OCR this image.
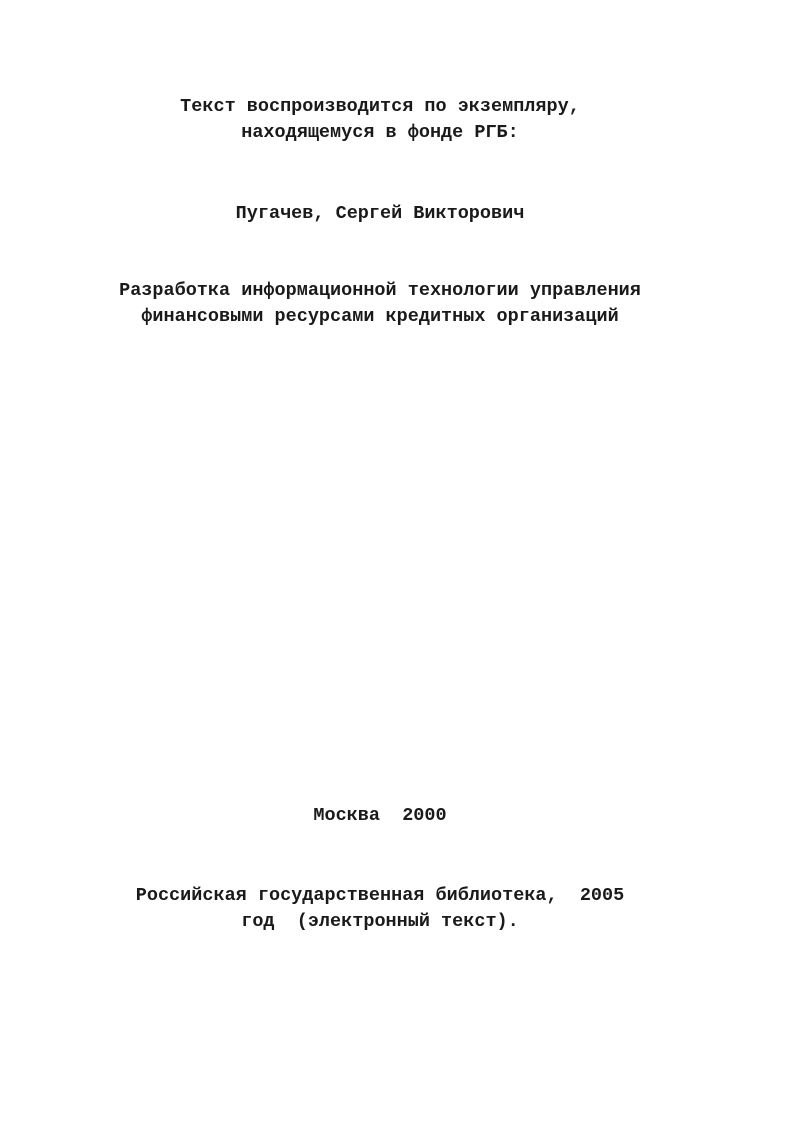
Текст воспроизводится по экземпляру,
находящемуся в фонде РГБ:
Пугачев, Сергей Викторович
Разработка информационной технологии управления
финансовыми ресурсами кредитных организаций
Москва  2000
Российская государственная библиотека,  2005
год  (электронный текст).
